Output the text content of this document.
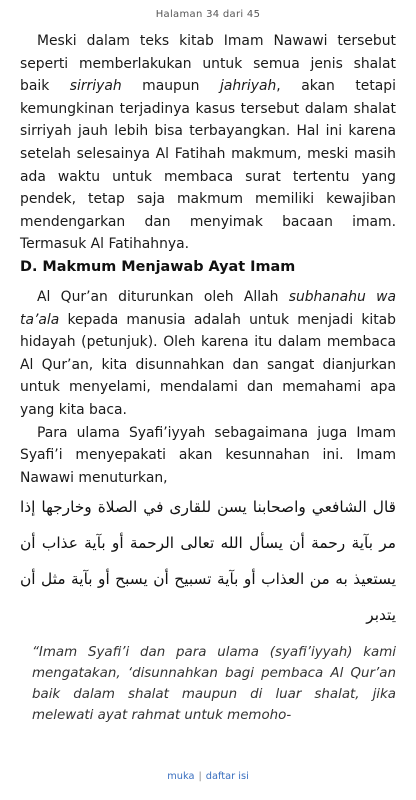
Halaman 34 dari 45

Meski dalam teks kitab Imam Nawawi tersebut seperti memberlakukan untuk semua jenis shalat baik sirriyah maupun jahriyah, akan tetapi kemungkinan terjadinya kasus tersebut dalam shalat sirriyah jauh lebih bisa terbayangkan. Hal ini karena setelah selesainya Al Fatihah makmum, meski masih ada waktu untuk membaca surat tertentu yang pendek, tetap saja makmum memiliki kewajiban mendengarkan dan menyimak bacaan imam. Termasuk Al Fatihahnya.

D. Makmum Menjawab Ayat Imam

Al Qur’an diturunkan oleh Allah subhanahu wa ta’ala kepada manusia adalah untuk menjadi kitab hidayah (petunjuk). Oleh karena itu dalam membaca Al Qur’an, kita disunnahkan dan sangat dianjurkan untuk menyelami, mendalami dan memahami apa yang kita baca.

Para ulama Syafi’iyyah sebagaimana juga Imam Syafi’i menyepakati akan kesunnahan ini. Imam Nawawi menuturkan,

قال الشافعي واصحابنا يسن للقارى في الصلاة وخارجها إذا مر بآية رحمة أن يسأل الله تعالى الرحمة أو بآية عذاب أن يستعيذ به من العذاب أو بآية تسبيح أن يسبح أو بآية مثل أن يتدبر

“Imam Syafi’i dan para ulama (syafi’iyyah) kami mengatakan, ‘disunnahkan bagi pembaca Al Qur’an baik dalam shalat maupun di luar shalat, jika melewati ayat rahmat untuk memoho-

muka | daftar isi
